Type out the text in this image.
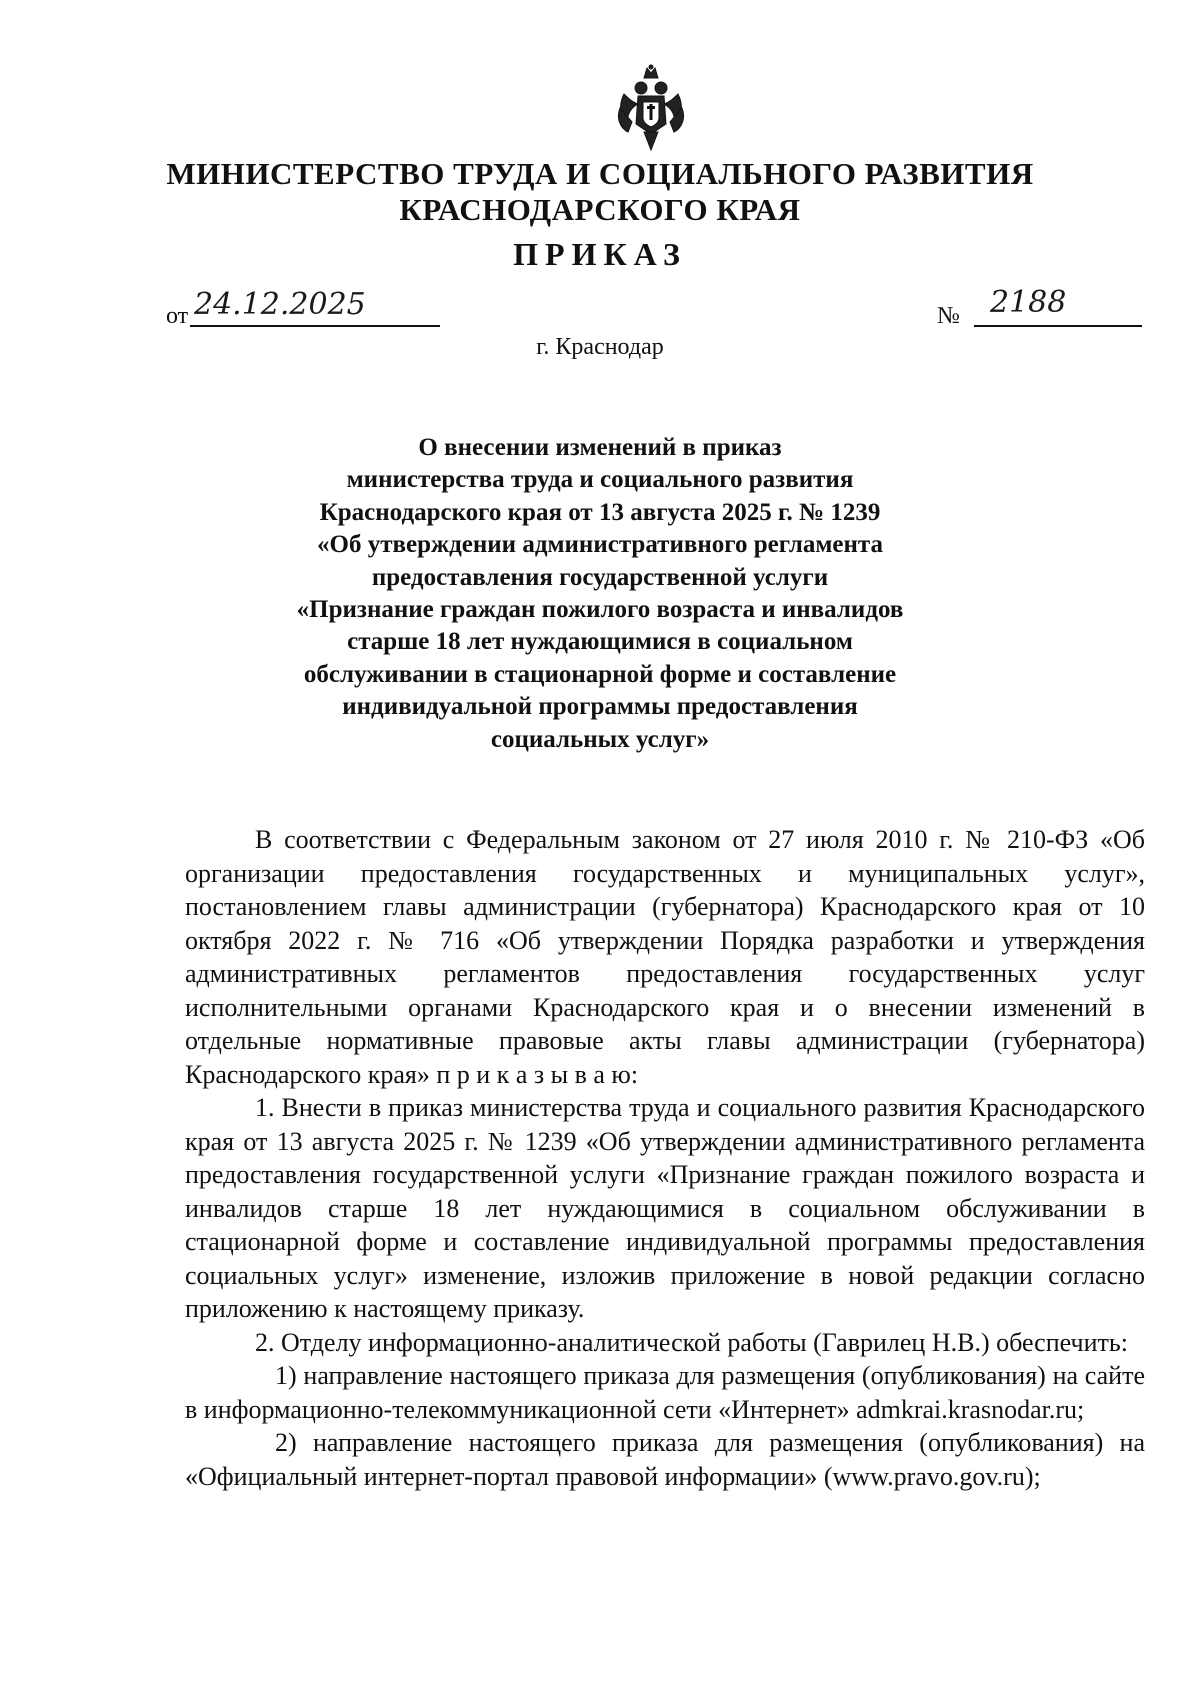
МИНИСТЕРСТВО ТРУДА И СОЦИАЛЬНОГО РАЗВИТИЯ
КРАСНОДАРСКОГО КРАЯ
ПРИКАЗ
от 24.12.2025	№ 2188
г. Краснодар
О внесении изменений в приказ
министерства труда и социального развития
Краснодарского края от 13 августа 2025 г. № 1239
«Об утверждении административного регламента
предоставления государственной услуги
«Признание граждан пожилого возраста и инвалидов
старше 18 лет нуждающимися в социальном
обслуживании в стационарной форме и составление
индивидуальной программы предоставления
социальных услуг»

В соответствии с Федеральным законом от 27 июля 2010 г. № 210-ФЗ «Об организации предоставления государственных и муниципальных услуг», постановлением главы администрации (губернатора) Краснодарского края от 10 октября 2022 г. № 716 «Об утверждении Порядка разработки и утверждения административных регламентов предоставления государственных услуг исполнительными органами Краснодарского края и о внесении изменений в отдельные нормативные правовые акты главы администрации (губернатора) Краснодарского края» п р и к а з ы в а ю:

1. Внести в приказ министерства труда и социального развития Краснодарского края от 13 августа 2025 г. № 1239 «Об утверждении административного регламента предоставления государственной услуги «Признание граждан пожилого возраста и инвалидов старше 18 лет нуждающимися в социальном обслуживании в стационарной форме и составление индивидуальной программы предоставления социальных услуг» изменение, изложив приложение в новой редакции согласно приложению к настоящему приказу.

2. Отделу информационно-аналитической работы (Гаврилец Н.В.) обеспечить:

1) направление настоящего приказа для размещения (опубликования) на сайте в информационно-телекоммуникационной сети «Интернет» admkrai.krasnodar.ru;

2) направление настоящего приказа для размещения (опубликования) на «Официальный интернет-портал правовой информации» (www.pravo.gov.ru);
